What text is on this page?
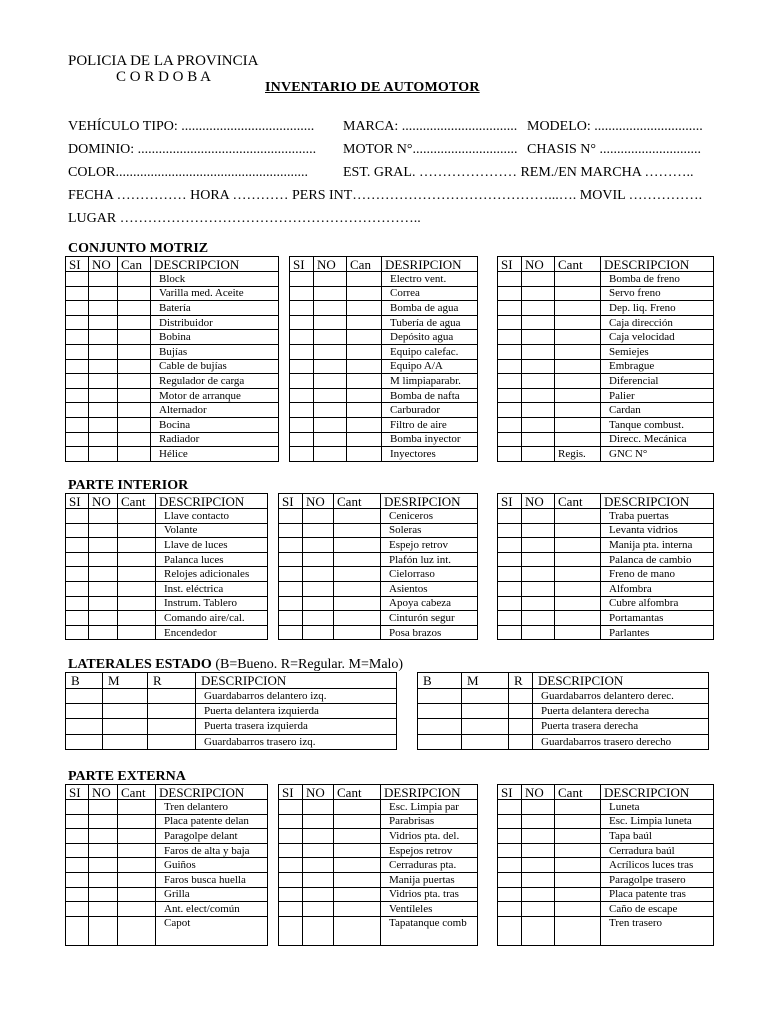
POLICIA DE LA PROVINCIA
C O R D O B A
INVENTARIO DE AUTOMOTOR
VEHÍCULO TIPO: ...................................... MARCA: ................................. MODELO: ...............................
DOMINIO: ................................................... MOTOR N°.............................. CHASIS N° .............................
COLOR.......................................................	EST. GRAL. ………………… REM./EN MARCHA ………..
FECHA …………… HORA ………… PERS INT……………………………………...…. MOVIL …………….
LUGAR ………………………………………………………..
CONJUNTO MOTRIZ
SI	NO	Can	DESCRIPCION
			Block
			Varilla med. Aceite
			Batería
			Distribuidor
			Bobina
			Bujías
			Cable de bujías
			Regulador de carga
			Motor de arranque
			Alternador
			Bocina
			Radiador
			Hélice
SI	NO	Can	DESRIPCION
			Electro vent.
			Correa
			Bomba de agua
			Tubería de agua
			Depósito agua
			Equipo calefac.
			Equipo A/A
			M limpiaparabr.
			Bomba de nafta
			Carburador
			Filtro de aire
			Bomba inyector
			Inyectores
SI	NO	Cant	DESCRIPCION
			Bomba de freno
			Servo freno
			Dep. liq. Freno
			Caja dirección
			Caja velocidad
			Semiejes
			Embrague
			Diferencial
			Palier
			Cardan
			Tanque combust.
			Direcc. Mecánica
		Regis.	GNC N°
PARTE INTERIOR
SI	NO	Cant	DESCRIPCION
			Llave contacto
			Volante
			Llave de luces
			Palanca luces
			Relojes adicionales
			Inst. eléctrica
			Instrum. Tablero
			Comando aire/cal.
			Encendedor
SI	NO	Cant	DESRIPCION
			Ceniceros
			Soleras
			Espejo retrov
			Plafón luz int.
			Cielorraso
			Asientos
			Apoya cabeza
			Cinturón segur
			Posa brazos
SI	NO	Cant	DESCRIPCION
			Traba puertas
			Levanta vidrios
			Manija pta. interna
			Palanca de cambio
			Freno de mano
			Alfombra
			Cubre alfombra
			Portamantas
			Parlantes
LATERALES ESTADO (B=Bueno. R=Regular. M=Malo)
B	M	R	DESCRIPCION
			Guardabarros delantero izq.
			Puerta delantera izquierda
			Puerta trasera izquierda
			Guardabarros trasero izq.
B	M	R	DESCRIPCION
			Guardabarros delantero derec.
			Puerta delantera derecha
			Puerta trasera derecha
			Guardabarros trasero derecho
PARTE EXTERNA
SI	NO	Cant	DESCRIPCION
			Tren delantero
			Placa patente delan
			Paragolpe delant
			Faros de alta y baja
			Guiños
			Faros busca huella
			Grilla
			Ant. elect/común
			Capot
SI	NO	Cant	DESRIPCION
			Esc. Limpia par
			Parabrisas
			Vidrios pta. del.
			Espejos retrov
			Cerraduras pta.
			Manija puertas
			Vidrios pta. tras
			Ventíleles
			Tapatanque comb
SI	NO	Cant	DESCRIPCION
			Luneta
			Esc. Limpia luneta
			Tapa baúl
			Cerradura baúl
			Acrílicos luces tras
			Paragolpe trasero
			Placa patente tras
			Caño de escape
			Tren trasero
